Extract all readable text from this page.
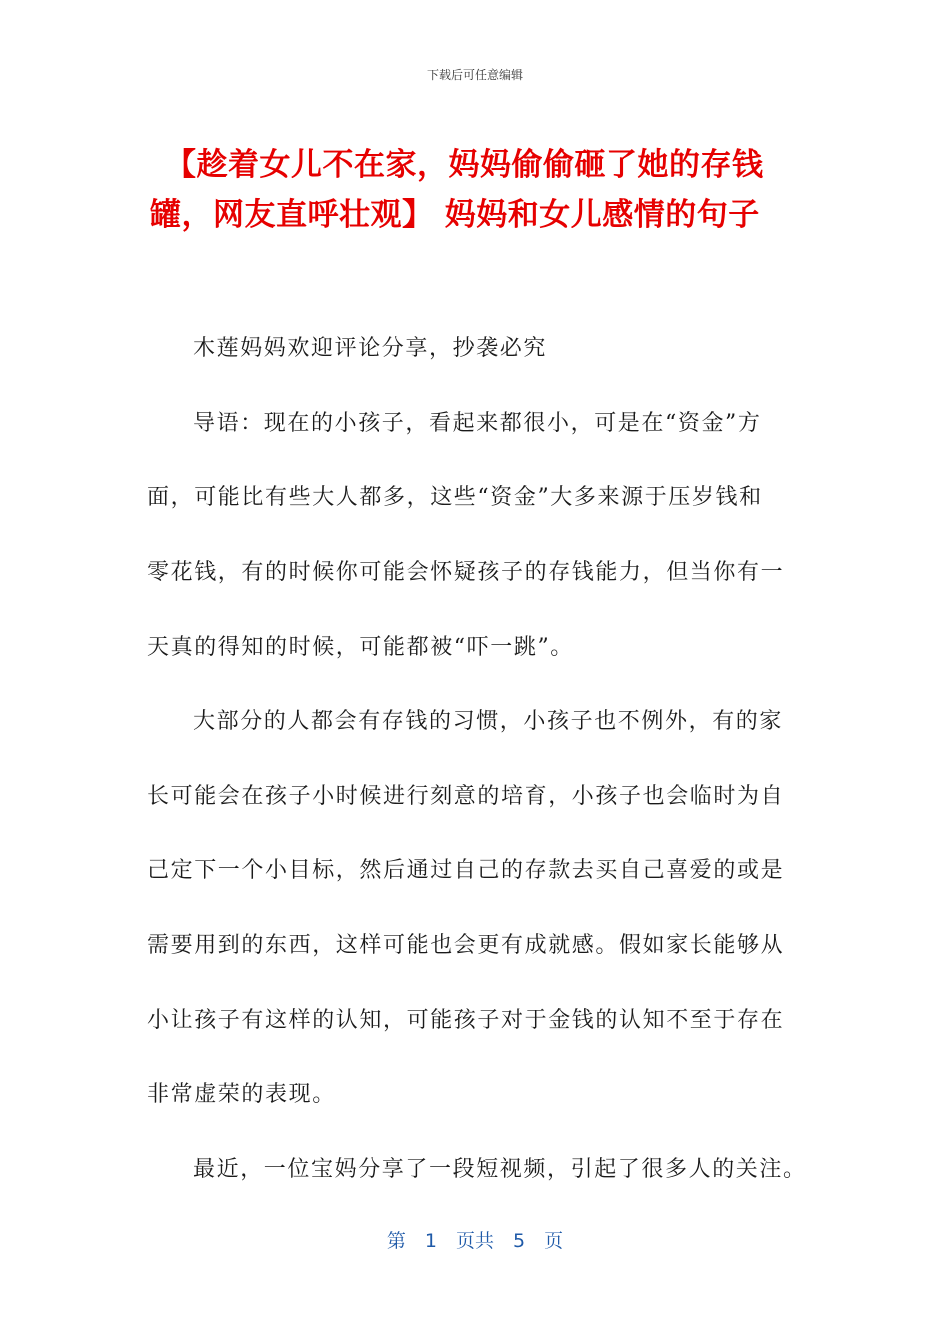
下载后可任意编辑
【趁着女儿不在家，妈妈偷偷砸了她的存钱
罐，网友直呼壮观】 妈妈和女儿感情的句子
木莲妈妈欢迎评论分享，抄袭必究
导语：现在的小孩子，看起来都很小，可是在“资金”方
面，可能比有些大人都多，这些“资金”大多来源于压岁钱和
零花钱，有的时候你可能会怀疑孩子的存钱能力，但当你有一
天真的得知的时候，可能都被“吓一跳”。
大部分的人都会有存钱的习惯，小孩子也不例外，有的家
长可能会在孩子小时候进行刻意的培育，小孩子也会临时为自
己定下一个小目标，然后通过自己的存款去买自己喜爱的或是
需要用到的东西，这样可能也会更有成就感。假如家长能够从
小让孩子有这样的认知，可能孩子对于金钱的认知不至于存在
非常虚荣的表现。
最近，一位宝妈分享了一段短视频，引起了很多人的关注。
第　1　页共　5　页
